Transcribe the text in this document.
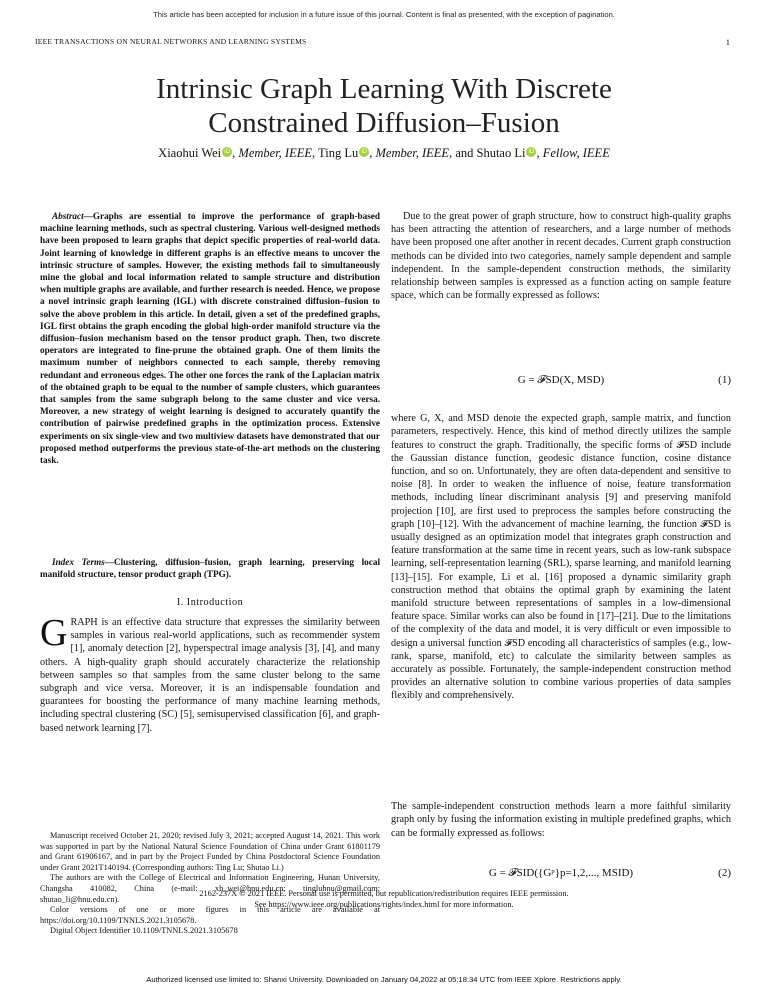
This article has been accepted for inclusion in a future issue of this journal. Content is final as presented, with the exception of pagination.
IEEE TRANSACTIONS ON NEURAL NETWORKS AND LEARNING SYSTEMS	1
Intrinsic Graph Learning With Discrete
Constrained Diffusion–Fusion
Xiaohui Wei iD , Member, IEEE, Ting Lu iD , Member, IEEE, and Shutao Li iD , Fellow, IEEE
Abstract—Graphs are essential to improve the performance of graph-based machine learning methods, such as spectral clustering. Various well-designed methods have been proposed to learn graphs that depict specific properties of real-world data. Joint learning of knowledge in different graphs is an effective means to uncover the intrinsic structure of samples. However, the existing methods fail to simultaneously mine the global and local information related to sample structure and distribution when multiple graphs are available, and further research is needed. Hence, we propose a novel intrinsic graph learning (IGL) with discrete constrained diffusion–fusion to solve the above problem in this article. In detail, given a set of the predefined graphs, IGL first obtains the graph encoding the global high-order manifold structure via the diffusion–fusion mechanism based on the tensor product graph. Then, two discrete operators are integrated to fine-prune the obtained graph. One of them limits the maximum number of neighbors connected to each sample, thereby removing redundant and erroneous edges. The other one forces the rank of the Laplacian matrix of the obtained graph to be equal to the number of sample clusters, which guarantees that samples from the same subgraph belong to the same cluster and vice versa. Moreover, a new strategy of weight learning is designed to accurately quantify the contribution of pairwise predefined graphs in the optimization process. Extensive experiments on six single-view and two multiview datasets have demonstrated that our proposed method outperforms the previous state-of-the-art methods on the clustering task.
Index Terms—Clustering, diffusion–fusion, graph learning, preserving local manifold structure, tensor product graph (TPG).
I. Introduction
GRAPH is an effective data structure that expresses the similarity between samples in various real-world applications, such as recommender system [1], anomaly detection [2], hyperspectral image analysis [3], [4], and many others. A high-quality graph should accurately characterize the relationship between samples so that samples from the same cluster belong to the same subgraph and vice versa. Moreover, it is an indispensable foundation and guarantees for boosting the performance of many machine learning methods, including spectral clustering (SC) [5], semisupervised classification [6], and graph-based network learning [7].

Manuscript received October 21, 2020; revised July 3, 2021; accepted August 14, 2021. This work was supported in part by the National Natural Science Foundation of China under Grant 61801179 and Grant 61906167, and in part by the Project Funded by China Postdoctoral Science Foundation under Grant 2021T140194. (Corresponding authors: Ting Lu; Shutao Li.)

The authors are with the College of Electrical and Information Engineering, Hunan University, Changsha 410082, China (e-mail: xh_wei@hnu.edu.cn; tingluhnu@gmail.com; shutao_li@hnu.edu.cn).

Color versions of one or more figures in this article are available at https://doi.org/10.1109/TNNLS.2021.3105678.

Digital Object Identifier 10.1109/TNNLS.2021.3105678

Due to the great power of graph structure, how to construct high-quality graphs has been attracting the attention of researchers, and a large number of methods have been proposed one after another in recent decades. Current graph construction methods can be divided into two categories, namely sample dependent and sample independent. In the sample-dependent construction methods, the similarity relationship between samples is expressed as a function acting on sample feature space, which can be formally expressed as follows:

G = 𝓕SD(X, MSD)	(1)

where G, X, and MSD denote the expected graph, sample matrix, and function parameters, respectively. Hence, this kind of method directly utilizes the sample features to construct the graph. Traditionally, the specific forms of 𝓕SD include the Gaussian distance function, geodesic distance function, cosine distance function, and so on. Unfortunately, they are often data-dependent and sensitive to noise [8]. In order to weaken the influence of noise, feature transformation methods, including linear discriminant analysis [9] and preserving manifold projection [10], are first used to preprocess the samples before constructing the graph [10]–[12]. With the advancement of machine learning, the function 𝓕SD is usually designed as an optimization model that integrates graph construction and feature transformation at the same time in recent years, such as low-rank subspace learning, self-representation learning (SRL), sparse learning, and manifold learning [13]–[15]. For example, Li et al. [16] proposed a dynamic similarity graph construction method that obtains the optimal graph by examining the latent manifold structure between representations of samples in a low-dimensional feature space. Similar works can also be found in [17]–[21]. Due to the limitations of the complexity of the data and model, it is very difficult or even impossible to design a universal function 𝓕SD encoding all characteristics of samples (e.g., low-rank, sparse, manifold, etc) to calculate the similarity between samples as accurately as possible. Fortunately, the sample-independent construction method provides an alternative solution to combine various properties of data samples flexibly and comprehensively.

The sample-independent construction methods learn a more faithful similarity graph only by fusing the information existing in multiple predefined graphs, which can be formally expressed as follows:

G = 𝓕SID({Gᵖ}p=1,2,..., MSID)	(2)
2162-237X © 2021 IEEE. Personal use is permitted, but republication/redistribution requires IEEE permission.
See https://www.ieee.org/publications/rights/index.html for more information.
Authorized licensed use limited to: Shanxi University. Downloaded on January 04,2022 at 05:18:34 UTC from IEEE Xplore. Restrictions apply.
